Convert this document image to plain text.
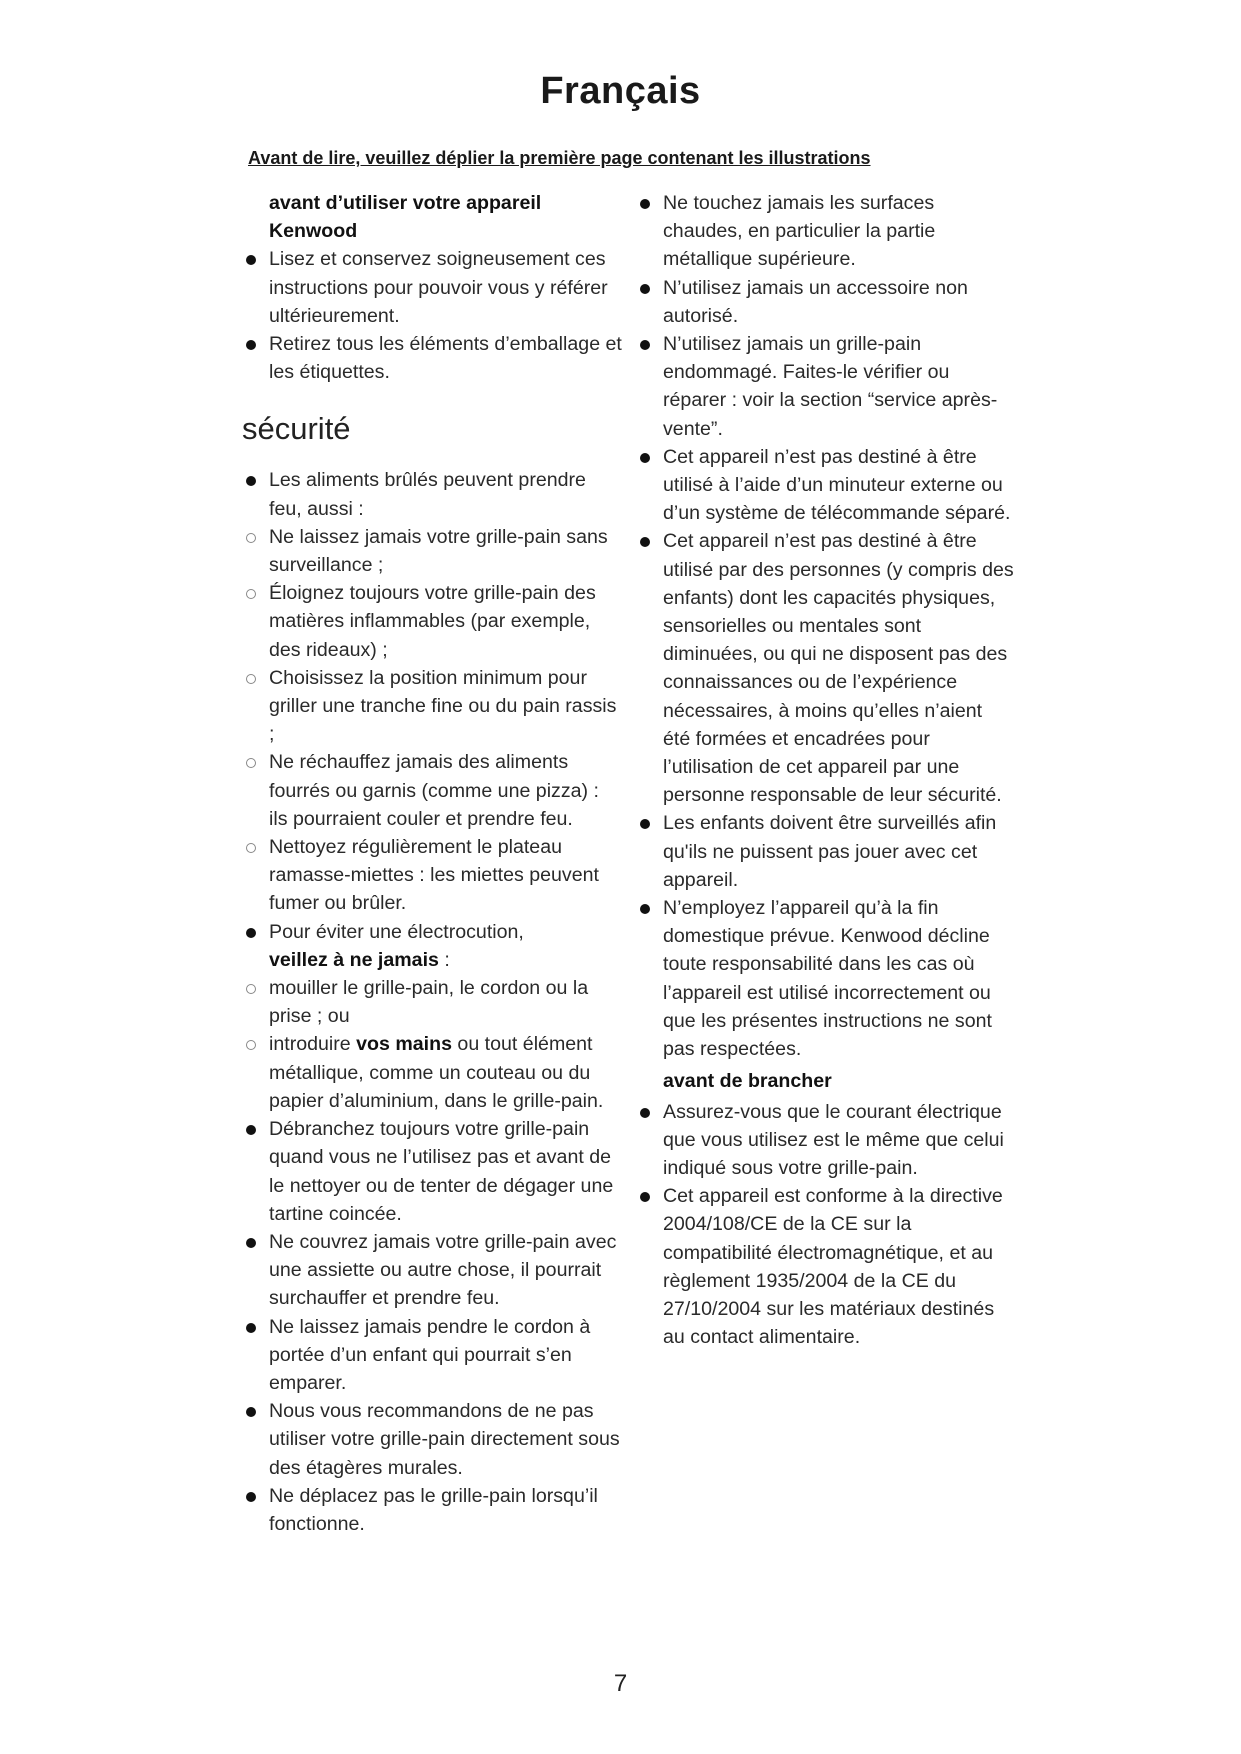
Français

Avant de lire, veuillez déplier la première page contenant les illustrations

avant d’utiliser votre appareil Kenwood

Lisez et conservez soigneusement ces instructions pour pouvoir vous y référer ultérieurement.
Retirez tous les éléments d’emballage et les étiquettes.
sécurité
Les aliments brûlés peuvent prendre feu, aussi :
Ne laissez jamais votre grille-pain sans surveillance ;
Éloignez toujours votre grille-pain des matières inflammables (par exemple, des rideaux) ;
Choisissez la position minimum pour griller une tranche fine ou du pain rassis ;
Ne réchauffez jamais des aliments fourrés ou garnis (comme une pizza) : ils pourraient couler et prendre feu.
Nettoyez régulièrement le plateau ramasse-miettes : les miettes peuvent fumer ou brûler.
Pour éviter une électrocution,
veillez à ne jamais :
mouiller le grille-pain, le cordon ou la prise ; ou
introduire vos mains ou tout élément métallique, comme un couteau ou du papier d’aluminium, dans le grille-pain.
Débranchez toujours votre grille-pain quand vous ne l’utilisez pas et avant de le nettoyer ou de tenter de dégager une tartine coincée.
Ne couvrez jamais votre grille-pain avec une assiette ou autre chose, il pourrait surchauffer et prendre feu.
Ne laissez jamais pendre le cordon à portée d’un enfant qui pourrait s’en emparer.
Nous vous recommandons de ne pas utiliser votre grille-pain directement sous des étagères murales.
Ne déplacez pas le grille-pain lorsqu’il fonctionne.
Ne touchez jamais les surfaces chaudes, en particulier la partie métallique supérieure.
N’utilisez jamais un accessoire non autorisé.
N’utilisez jamais un grille-pain endommagé. Faites-le vérifier ou réparer : voir la section “service après-vente”.
Cet appareil n’est pas destiné à être utilisé à l’aide d’un minuteur externe ou d’un système de télécommande séparé.
Cet appareil n’est pas destiné à être utilisé par des personnes (y compris des enfants) dont les capacités physiques, sensorielles ou mentales sont diminuées, ou qui ne disposent pas des connaissances ou de l’expérience nécessaires, à moins qu’elles n’aient été formées et encadrées pour l’utilisation de cet appareil par une personne responsable de leur sécurité.
Les enfants doivent être surveillés afin qu'ils ne puissent pas jouer avec cet appareil.
N’employez l’appareil qu’à la fin domestique prévue. Kenwood décline toute responsabilité dans les cas où l’appareil est utilisé incorrectement ou que les présentes instructions ne sont pas respectées.

avant de brancher

Assurez-vous que le courant électrique que vous utilisez est le même que celui indiqué sous votre grille-pain.
Cet appareil est conforme à la directive 2004/108/CE de la CE sur la compatibilité électromagnétique, et au règlement 1935/2004 de la CE du 27/10/2004 sur les matériaux destinés au contact alimentaire.

7
